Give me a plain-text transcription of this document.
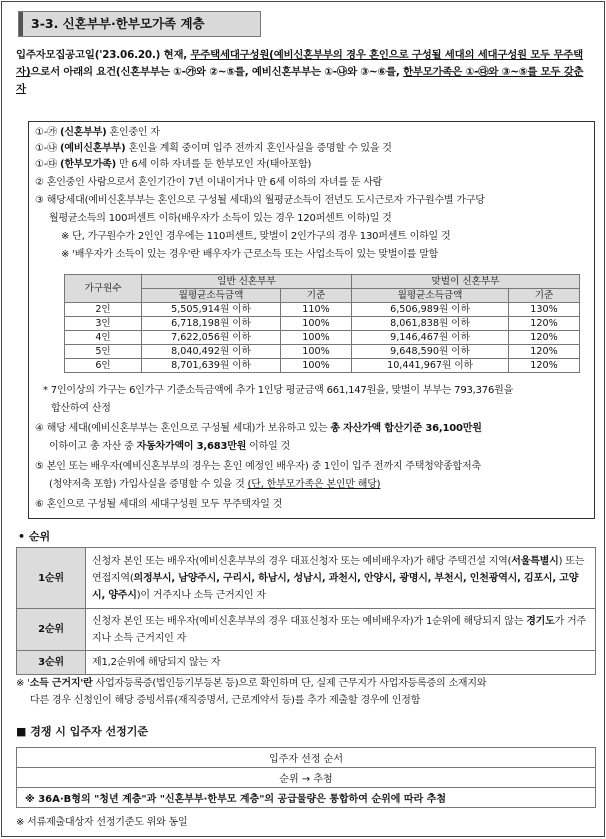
3-3. 신혼부부·한부모가족 계층
입주자모집공고일('23.06.20.) 현재, 무주택세대구성원(예비신혼부부의 경우 혼인으로 구성될 세대의 세대구성원 모두 무주택자)으로서 아래의 요건(신혼부부는 ①-㉮와 ②~⑤를, 예비신혼부부는 ①-㉯와 ③~⑥를, 한부모가족은 ①-㉰와 ③~⑤를 모두 갖춘 자
①-㉮ (신혼부부) 혼인중인 자
①-㉯ (예비신혼부부) 혼인을 계획 중이며 입주 전까지 혼인사실을 증명할 수 있을 것
①-㉰ (한부모가족) 만 6세 이하 자녀를 둔 한부모인 자(태아포함)
② 혼인중인 사람으로서 혼인기간이 7년 이내이거나 만 6세 이하의 자녀를 둔 사람
③ 해당세대(예비신혼부부는 혼인으로 구성될 세대)의 월평균소득이 전년도 도시근로자 가구원수별 가구당
월평균소득의 100퍼센트 이하(배우자가 소득이 있는 경우 120퍼센트 이하)일 것
※ 단, 가구원수가 2인인 경우에는 110퍼센트, 맞벌이 2인가구의 경우 130퍼센트 이하일 것
※ '배우자가 소득이 있는 경우'란 배우자가 근로소득 또는 사업소득이 있는 맞벌이를 말함
* 7인이상의 가구는 6인가구 기준소득금액에 추가 1인당 평균금액 661,147원을, 맞벌이 부부는 793,376원을
합산하여 산정
④ 해당 세대(예비신혼부부는 혼인으로 구성될 세대)가 보유하고 있는 총 자산가액 합산기준 36,100만원
이하이고 총 자산 중 자동차가액이 3,683만원 이하일 것
⑤ 본인 또는 배우자(예비신혼부부의 경우는 혼인 예정인 배우자) 중 1인이 입주 전까지 주택청약종합저축
(청약저축 포함) 가입사실을 증명할 수 있을 것 (단, 한부모가족은 본인만 해당)
⑥ 혼인으로 구성될 세대의 세대구성원 모두 무주택자일 것
가구원수	일반 신혼부부		맞벌이 신혼부부	
	월평균소득금액	기준	월평균소득금액	기준
2인	5,505,914원 이하	110%	6,506,989원 이하	130%
3인	6,718,198원 이하	100%	8,061,838원 이하	120%
4인	7,622,056원 이하	100%	9,146,467원 이하	120%
5인	8,040,492원 이하	100%	9,648,590원 이하	120%
6인	8,701,639원 이하	100%	10,441,967원 이하	120%
• 순위
1순위	신청자 본인 또는 배우자(예비신혼부부의 경우 대표신청자 또는 예비배우자)가 해당 주택건설 지역(서울특별시) 또는 연접지역(의정부시, 남양주시, 구리시, 하남시, 성남시, 과천시, 안양시, 광명시, 부천시, 인천광역시, 김포시, 고양시, 양주시)이 거주지나 소득 근거지인 자
2순위	신청자 본인 또는 배우자(예비신혼부부의 경우 대표신청자 또는 예비배우자)가 1순위에 해당되지 않는 경기도가 거주지나 소득 근거지인 자
3순위	제1,2순위에 해당되지 않는 자
※ '소득 근거지'란 사업자등록증(법인등기부등본 등)으로 확인하며 단, 실제 근무지가 사업자등록증의 소재지와
다른 경우 신청인이 해당 증빙서류(재직증명서, 근로계약서 등)를 추가 제출할 경우에 인정함
■ 경쟁 시 입주자 선정기준
입주자 선정 순서
순위 → 추첨
※ 36A·B형의 "청년 계층"과 "신혼부부·한부모 계층"의 공급물량은 통합하여 순위에 따라 추첨
※ 서류제출대상자 선정기준도 위와 동일
